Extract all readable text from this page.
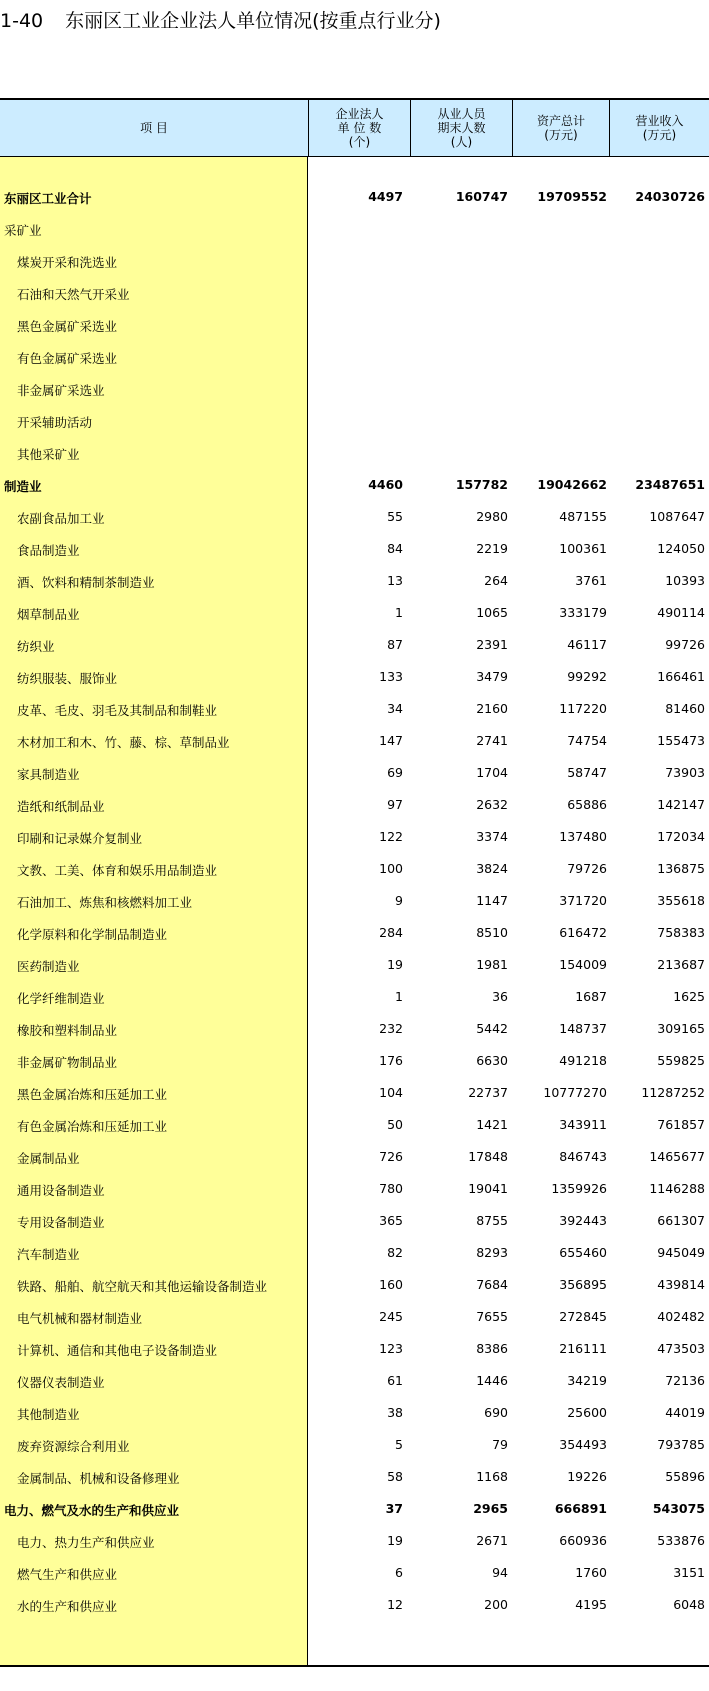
1-40 东丽区工业企业法人单位情况(按重点行业分)
项 目
企业法人
单 位 数
(个)
从业人员
期末人数
(人)
资产总计
(万元)
营业收入
(万元)
东丽区工业合计	4497	160747 19709552 24030726
采矿业
煤炭开采和洗选业
石油和天然气开采业
黑色金属矿采选业
有色金属矿采选业
非金属矿采选业
开采辅助活动
其他采矿业
制造业	4460	157782 19042662 23487651
农副食品加工业	55	2980	487155	1087647
食品制造业	84	2219	100361	124050
酒、饮料和精制茶制造业	13	264	3761	10393
烟草制品业	1	1065	333179	490114
纺织业	87	2391	46117	99726
纺织服装、服饰业	133	3479	99292	166461
皮革、毛皮、羽毛及其制品和制鞋业	34	2160	117220	81460
木材加工和木、竹、藤、棕、草制品业	147	2741	74754	155473
家具制造业	69	1704	58747	73903
造纸和纸制品业	97	2632	65886	142147
印刷和记录媒介复制业	122	3374	137480	172034
文教、工美、体育和娱乐用品制造业	100	3824	79726	136875
石油加工、炼焦和核燃料加工业	9	1147	371720	355618
化学原料和化学制品制造业	284	8510	616472	758383
医药制造业	19	1981	154009	213687
化学纤维制造业	1	36	1687	1625
橡胶和塑料制品业	232	5442	148737	309165
非金属矿物制品业	176	6630	491218	559825
黑色金属冶炼和压延加工业	104	22737	10777270	11287252
有色金属冶炼和压延加工业	50	1421	343911	761857
金属制品业	726	17848	846743	1465677
通用设备制造业	780	19041	1359926	1146288
专用设备制造业	365	8755	392443	661307
汽车制造业	82	8293	655460	945049
铁路、船舶、航空航天和其他运输设备制造业	160	7684	356895	439814
电气机械和器材制造业	245	7655	272845	402482
计算机、通信和其他电子设备制造业	123	8386	216111	473503
仪器仪表制造业	61	1446	34219	72136
其他制造业	38	690	25600	44019
废弃资源综合利用业	5	79	354493	793785
金属制品、机械和设备修理业	58	1168	19226	55896
电力、燃气及水的生产和供应业	37	2965	666891	543075
电力、热力生产和供应业	19	2671	660936	533876
燃气生产和供应业	6	94	1760	3151
水的生产和供应业	12	200	4195	6048
